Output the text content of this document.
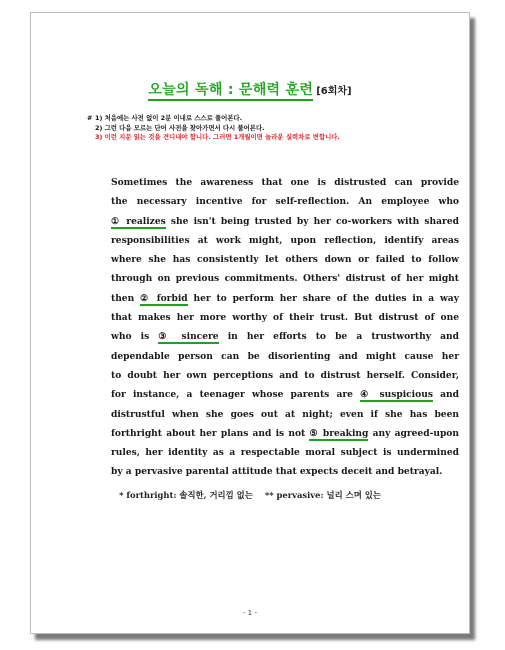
오늘의 독해 : 문해력 훈련 [6회차]
# 1) 처음에는 사전 없이 2분 이내로 스스로 풀어본다.
2) 그런 다음 모르는 단어 사전을 찾아가면서 다시 풀어본다.
3) 이런 지문 읽는 것을 견디내야 합니다. 그러면 1개월이면 놀라운 실력차로 변합니다.
Sometimes the awareness that one is distrusted can provide
the necessary incentive for self-reflection. An employee who
① realizes she isn't being trusted by her co-workers with shared
responsibilities at work might, upon reflection, identify areas
where she has consistently let others down or failed to follow
through on previous commitments. Others' distrust of her might
then ② forbid her to perform her share of the duties in a way
that makes her more worthy of their trust. But distrust of one
who is ③ sincere in her efforts to be a trustworthy and
dependable person can be disorienting and might cause her
to doubt her own perceptions and to distrust herself. Consider,
for instance, a teenager whose parents are ④ suspicious and
distrustful when she goes out at night; even if she has been
forthright about her plans and is not ⑤ breaking any agreed-upon
rules, her identity as a respectable moral subject is undermined
by a pervasive parental attitude that expects deceit and betrayal.
* forthright: 솔직한, 거리낌 없는 ** pervasive: 널리 스며 있는
- 1 -
